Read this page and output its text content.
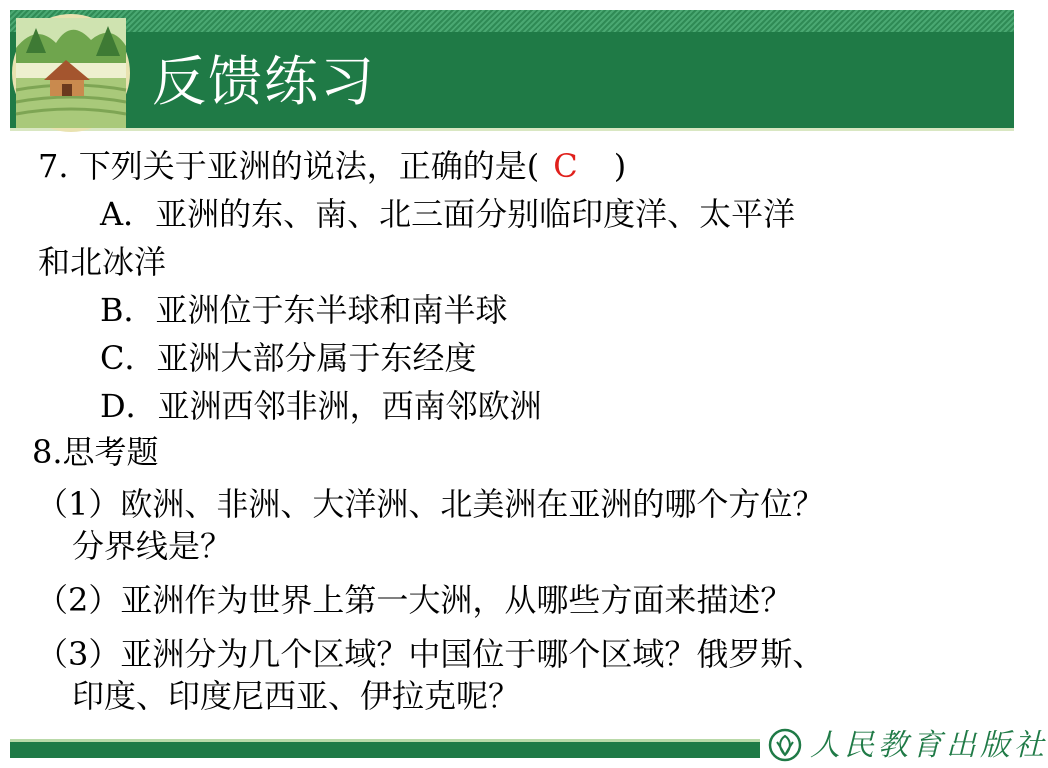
反馈练习
7. 下列关于亚洲的说法，正确的是( C )
A．亚洲的东、南、北三面分别临印度洋、太平洋
和北冰洋
B．亚洲位于东半球和南半球
C．亚洲大部分属于东经度
D．亚洲西邻非洲，西南邻欧洲
8.思考题
（1）欧洲、非洲、大洋洲、北美洲在亚洲的哪个方位？
分界线是？
（2）亚洲作为世界上第一大洲，从哪些方面来描述？
（3）亚洲分为几个区域？中国位于哪个区域？俄罗斯、
印度、印度尼西亚、伊拉克呢？
人民教育出版社
